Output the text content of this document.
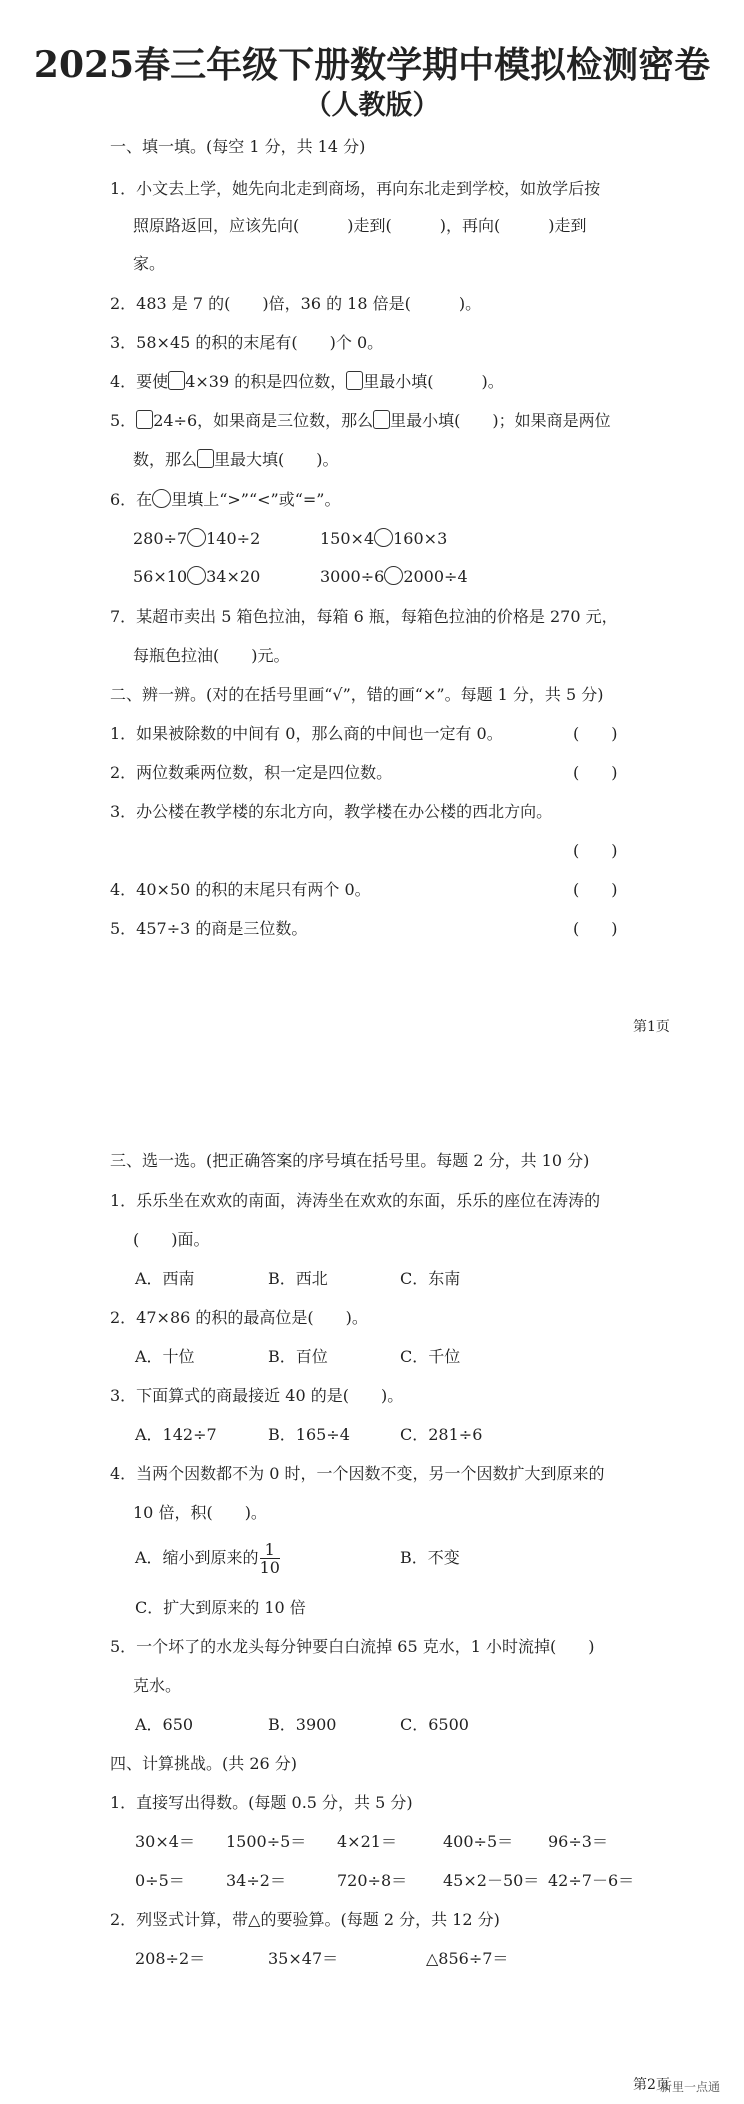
2025春三年级下册数学期中模拟检测密卷
（人教版）
一、填一填。(每空 1 分，共 14 分)
1．小文去上学，她先向北走到商场，再向东北走到学校，如放学后按
照原路返回，应该先向(　　　)走到(　　　)，再向(　　　)走到
家。
2．483 是 7 的(　　)倍，36 的 18 倍是(　　　)。
3．58×45 的积的末尾有(　　)个 0。
4．要使 4×39 的积是四位数， 里最小填(　　　)。
5． 24÷6，如果商是三位数，那么 里最小填(　　)；如果商是两位
数，那么 里最大填(　　)。
6．在 里填上“>”“<”或“=”。
280÷7 140÷2	150×4 160×3
56×10 34×20	3000÷6 2000÷4
7．某超市卖出 5 箱色拉油，每箱 6 瓶，每箱色拉油的价格是 270 元，
每瓶色拉油(　　)元。
二、辨一辨。(对的在括号里画“√”，错的画“×”。每题 1 分，共 5 分)
1．如果被除数的中间有 0，那么商的中间也一定有 0。	(　　)
2．两位数乘两位数，积一定是四位数。	(　　)
3．办公楼在教学楼的东北方向，教学楼在办公楼的西北方向。
(　　)
4．40×50 的积的末尾只有两个 0。	(　　)
5．457÷3 的商是三位数。	(　　)
第1页
三、选一选。(把正确答案的序号填在括号里。每题 2 分，共 10 分)
1．乐乐坐在欢欢的南面，涛涛坐在欢欢的东面，乐乐的座位在涛涛的
(　　)面。
A．西南	B．西北	C．东南
2．47×86 的积的最高位是(　　)。
A．十位	B．百位	C．千位
3．下面算式的商最接近 40 的是(　　)。
A．142÷7	B．165÷4	C．281÷6
4．当两个因数都不为 0 时，一个因数不变，另一个因数扩大到原来的
10 倍，积(　　)。
A．缩小到原来的 $\frac{1}{10}$	B．不变
C．扩大到原来的 10 倍
5．一个坏了的水龙头每分钟要白白流掉 65 克水，1 小时流掉(　　)
克水。
A．650	B．3900	C．6500
四、计算挑战。(共 26 分)
1．直接写出得数。(每题 0.5 分，共 5 分)
30×4＝ 1500÷5＝ 4×21＝	400÷5＝ 96÷3＝
0÷5＝	34÷2＝	720÷8＝ 45×2－50＝ 42÷7－6＝
2．列竖式计算，带△的要验算。(每题 2 分，共 12 分)
208÷2＝	35×47＝	△856÷7＝
第2页
新里一点通
